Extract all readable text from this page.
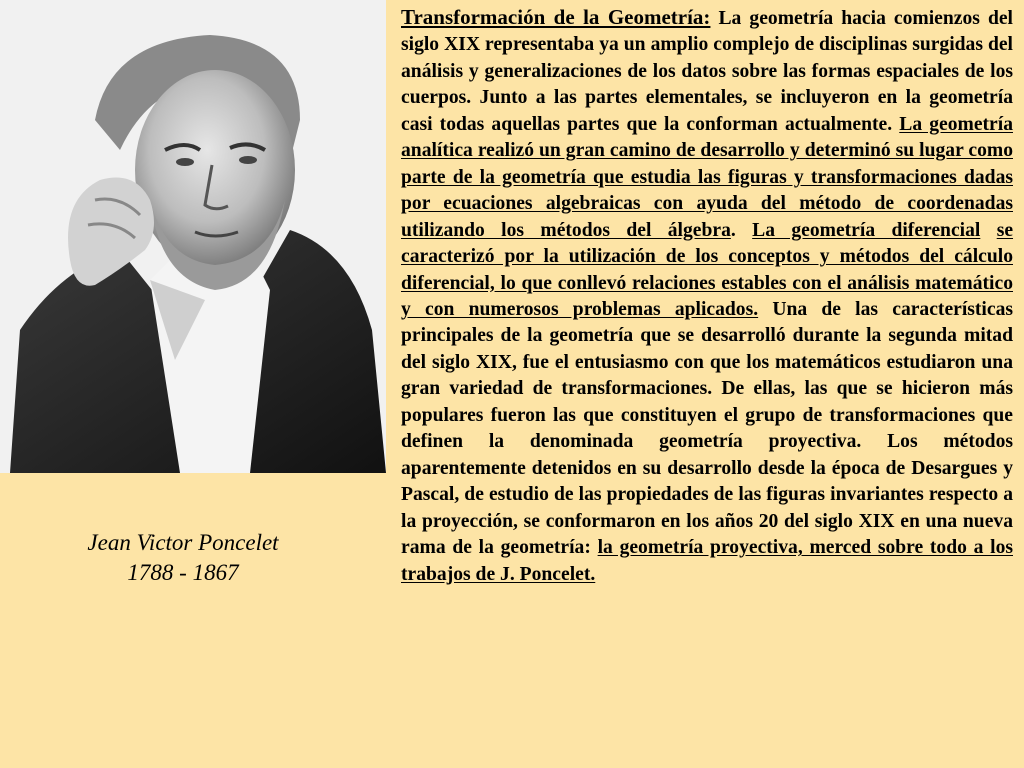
Jean Victor Poncelet
1788 - 1867
Transformación de la Geometría: La geometría hacia comienzos del siglo XIX representaba ya un amplio complejo de disciplinas surgidas del análisis y generalizaciones de los datos sobre las formas espaciales de los cuerpos. Junto a las partes elementales, se incluyeron en la geometría casi todas aquellas partes que la conforman actualmente. La geometría analítica realizó un gran camino de desarrollo y determinó su lugar como parte de la geometría que estudia las figuras y transformaciones dadas por ecuaciones algebraicas con ayuda del método de coordenadas utilizando los métodos del álgebra. La geometría diferencial se caracterizó por la utilización de los conceptos y métodos del cálculo diferencial, lo que conllevó relaciones estables con el análisis matemático y con numerosos problemas aplicados. Una de las características principales de la geometría que se desarrolló durante la segunda mitad del siglo XIX, fue el entusiasmo con que los matemáticos estudiaron una gran variedad de transformaciones. De ellas, las que se hicieron más populares fueron las que constituyen el grupo de transformaciones que definen la denominada geometría proyectiva. Los métodos aparentemente detenidos en su desarrollo desde la época de Desargues y Pascal, de estudio de las propiedades de las figuras invariantes respecto a la proyección, se conformaron en los años 20 del siglo XIX en una nueva rama de la geometría: la geometría proyectiva, merced sobre todo a los trabajos de J. Poncelet.
